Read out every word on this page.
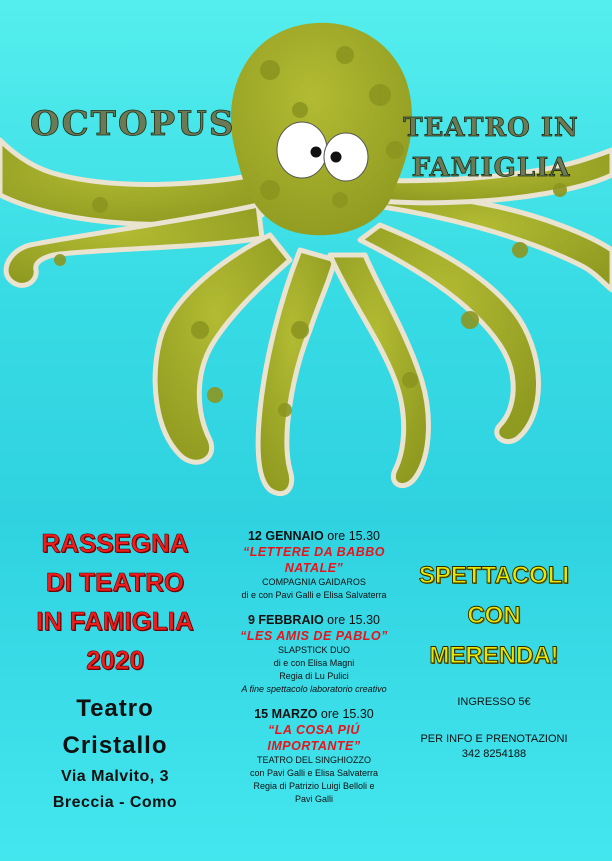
OCTOPUS	TEATRO IN
FAMIGLIA
RASSEGNA
DI TEATRO
IN FAMIGLIA
2020
Teatro
Cristallo
Via Malvito, 3
Breccia - Como
12 GENNAIO ore 15.30
“LETTERE DA BABBO
NATALE”
COMPAGNIA GAIDAROS
di e con Pavi Galli e Elisa Salvaterra
9 FEBBRAIO ore 15.30
“LES AMIS DE PABLO”
SLAPSTICK DUO
di e con Elisa Magni
Regia di Lu Pulici
A fine spettacolo laboratorio creativo
15 MARZO ore 15.30
“LA COSA PIÚ
IMPORTANTE”
TEATRO DEL SINGHIOZZO
con Pavi Galli e Elisa Salvaterra
Regia di Patrizio Luigi Belloli e
Pavi Galli
SPETTACOLI
CON
MERENDA!
INGRESSO 5€
PER INFO E PRENOTAZIONI
342 8254188
